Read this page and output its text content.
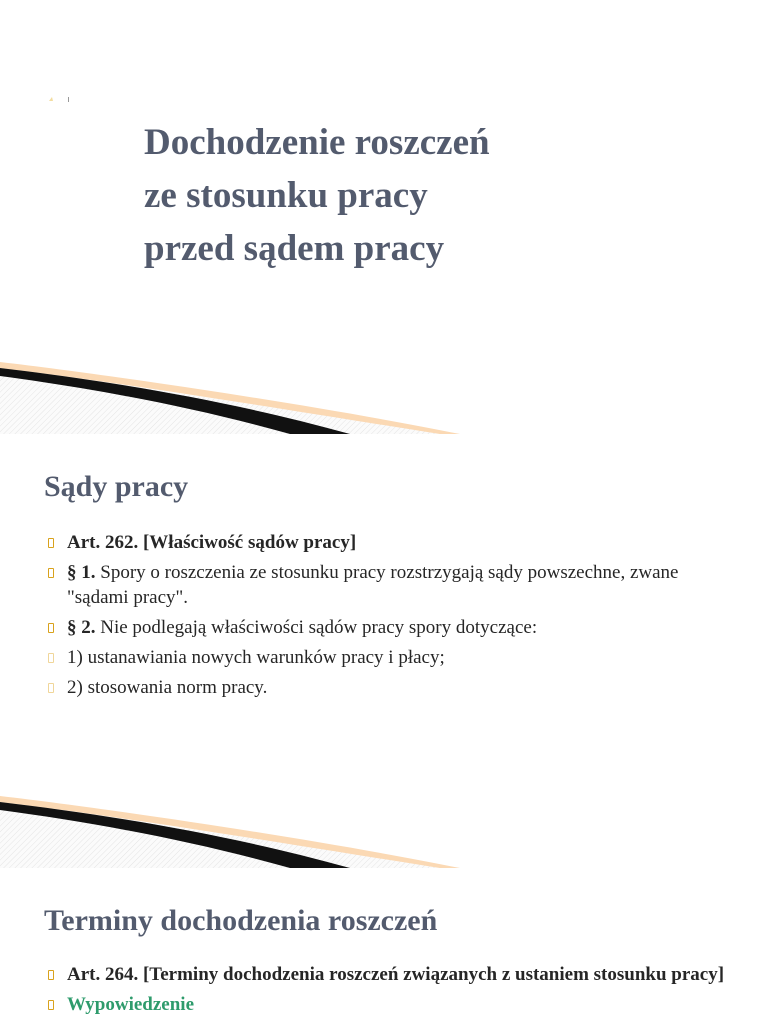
Dochodzenie roszczeń
ze stosunku pracy
przed sądem pracy
Sądy pracy
Art. 262. [Właściwość sądów pracy]
§ 1. Spory o roszczenia ze stosunku pracy rozstrzygają sądy powszechne, zwane "sądami pracy".
§ 2. Nie podlegają właściwości sądów pracy spory dotyczące:
1) ustanawiania nowych warunków pracy i płacy;
2) stosowania norm pracy.
Terminy dochodzenia roszczeń
Art. 264. [Terminy dochodzenia roszczeń związanych z ustaniem stosunku pracy]
Wypowiedzenie
